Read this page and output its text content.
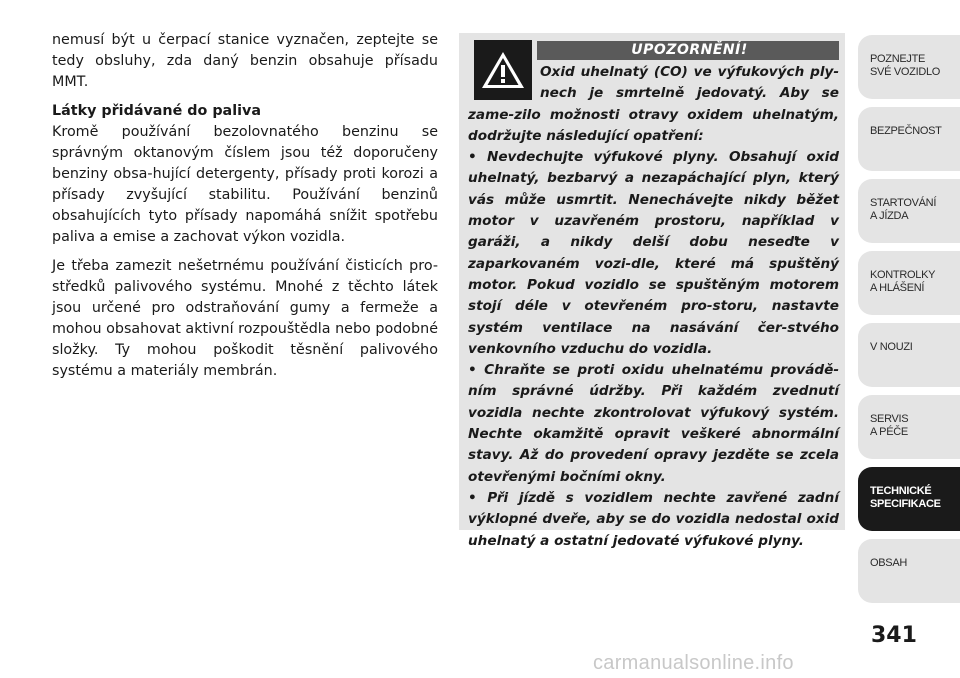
nemusí být u čerpací stanice vyznačen, zeptejte se tedy obsluhy, zda daný benzin obsahuje přísadu MMT.

Látky přidávané do paliva

Kromě používání bezolovnatého benzinu se správným oktanovým číslem jsou též doporučeny benziny obsa-hující detergenty, přísady proti korozi a přísady zvyšující stabilitu. Používání benzinů obsahujících tyto přísady napomáhá snížit spotřebu paliva a emise a zachovat výkon vozidla.

Je třeba zamezit nešetrnému používání čisticích pro-středků palivového systému. Mnohé z těchto látek jsou určené pro odstraňování gumy a fermeže a mohou obsahovat aktivní rozpouštědla nebo podobné složky. Ty mohou poškodit těsnění palivového systému a materiály membrán.

UPOZORNĚNÍ!

Oxid uhelnatý (CO) ve výfukových ply-nech je smrtelně jedovatý. Aby se zame-zilo možnosti otravy oxidem uhelnatým, dodržujte následující opatření:

• Nevdechujte výfukové plyny. Obsahují oxid uhelnatý, bezbarvý a nezapáchající plyn, který vás může usmrtit. Nenechávejte nikdy běžet motor v uzavřeném prostoru, například v garáži, a nikdy delší dobu neseďte v zaparkovaném vozi-dle, které má spuštěný motor. Pokud vozidlo se spuštěným motorem stojí déle v otevřeném pro-storu, nastavte systém ventilace na nasávání čer-stvého venkovního vzduchu do vozidla.

• Chraňte se proti oxidu uhelnatému provádě-ním správné údržby. Při každém zvednutí vozidla nechte zkontrolovat výfukový systém. Nechte okamžitě opravit veškeré abnormální stavy. Až do provedení opravy jezděte se zcela otevřenými bočními okny.

• Při jízdě s vozidlem nechte zavřené zadní výklopné dveře, aby se do vozidla nedostal oxid uhelnatý a ostatní jedovaté výfukové plyny.

POZNEJTE
SVÉ VOZIDLO
BEZPEČNOST
STARTOVÁNÍ
A JÍZDA
KONTROLKY
A HLÁŠENÍ
V NOUZI
SERVIS
A PÉČE
TECHNICKÉ
SPECIFIKACE
OBSAH
341
carmanualsonline.info
